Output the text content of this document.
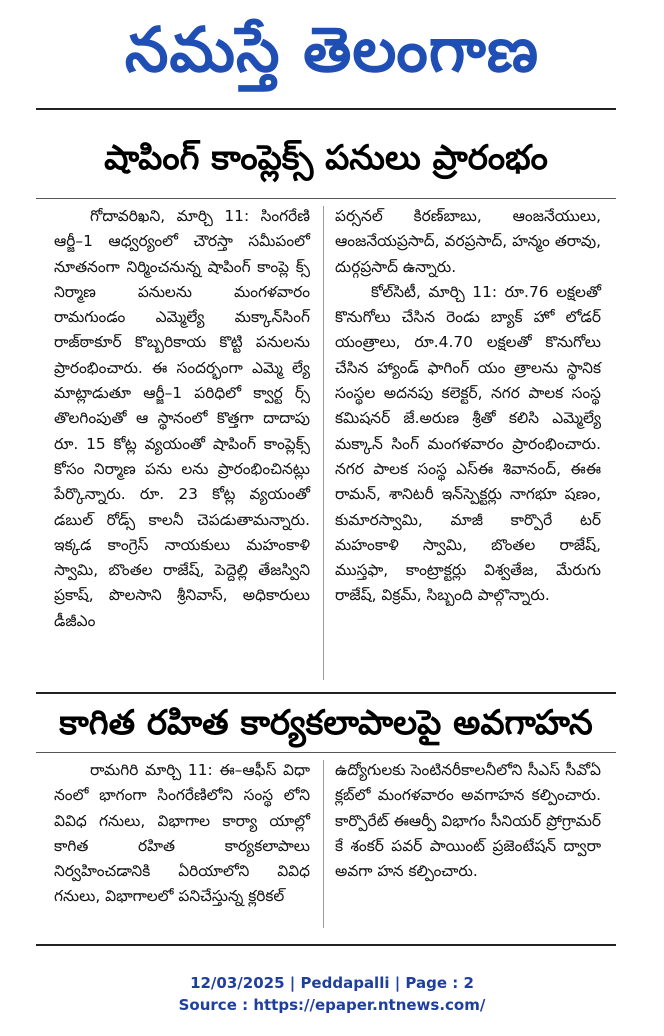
నమస్తే తెలంగాణ
షాపింగ్ కాంప్లెక్స్ పనులు ప్రారంభం

గోదావరిఖని, మార్చి 11: సింగరేణి ఆర్జీ–1 ఆధ్వర్యంలో చౌరస్తా సమీపంలో నూతనంగా నిర్మించనున్న షాపింగ్ కాంప్లె క్స్ నిర్మాణ పనులను మంగళవారం రామగుండం ఎమ్మెల్యే మక్కాన్‌సింగ్ రాజ్‌ఠాకూర్ కొబ్బరికాయ కొట్టి పనులను ప్రారంభించారు. ఈ సందర్భంగా ఎమ్మె ల్యే మాట్లాడుతూ ఆర్జీ–1 పరిధిలో క్వార్ట ర్స్ తొలగింపుతో ఆ స్థానంలో కొత్తగా దాదాపు రూ. 15 కోట్ల వ్యయంతో షాపింగ్ కాంప్లెక్స్ కోసం నిర్మాణ పను లను ప్రారంభించినట్లు పేర్కొన్నారు. రూ. 23 కోట్ల వ్యయంతో డబుల్ రోడ్స్ కాలనీ చెపడుతామన్నారు. ఇక్కడ కాంగ్రెస్ నాయకులు మహంకాళి స్వామి, బొంతల రాజేష్, పెద్దెల్లి తేజస్విని ప్రకాష్, పొలసాని శ్రీనివాస్, అధికారులు డీజీఎం

పర్సనల్ కిరణ్‌బాబు, ఆంజనేయులు, ఆంజనేయప్రసాద్, వరప్రసాద్, హన్మం తరావు, దుర్గప్రసాద్ ఉన్నారు.

కోల్‌సిటీ, మార్చి 11: రూ.76 లక్షలతో కొనుగోలు చేసిన రెండు బ్యాక్ హో లోడర్ యంత్రాలు, రూ.4.70 లక్షలతో కొనుగోలు చేసిన హ్యాండ్ ఫాగింగ్ యం త్రాలను స్థానిక సంస్థల అదనపు కలెక్టర్, నగర పాలక సంస్థ కమిషనర్ జే.అరుణ శ్రీతో కలిసి ఎమ్మెల్యే మక్కాన్ సింగ్ మంగళవారం ప్రారంభించారు. నగర పాలక సంస్థ ఎస్ఈ శివానంద్, ఈఈ రామన్, శానిటరీ ఇన్‌స్పెక్టర్లు నాగభూ షణం, కుమారస్వామి, మాజీ కార్పొరే టర్ మహంకాళి స్వామి, బొంతల రాజేష్, ముస్తఫా, కాంట్రాక్టర్లు విశ్వతేజ, మేరుగు రాజేష్, విక్రమ్, సిబ్బంది పాల్గొన్నారు.

కాగిత రహిత కార్యకలాపాలపై అవగాహన

రామగిరి మార్చి 11: ఈ–ఆఫీస్ విధా నంలో భాగంగా సింగరేణిలోని సంస్థ లోని వివిధ గనులు, విభాగాల కార్యా యాల్లో కాగిత రహిత కార్యకలాపాలు నిర్వహించడానికి ఏరియాలోని వివిధ గనులు, విభాగాలలో పనిచేస్తున్న క్లరికల్

ఉద్యోగులకు సెంటినరీకాలనీలోని సీఎస్ సీవోఏ క్లబ్‌లో మంగళవారం అవగాహన కల్పించారు. కార్పొరేట్ ఈఆర్పీ విభాగం సీనియర్ ప్రోగ్రామర్ కే శంకర్ పవర్ పాయింట్ ప్రజెంటేషన్ ద్వారా అవగా హన కల్పించారు.

12/03/2025 | Peddapalli | Page : 2
Source : https://epaper.ntnews.com/
